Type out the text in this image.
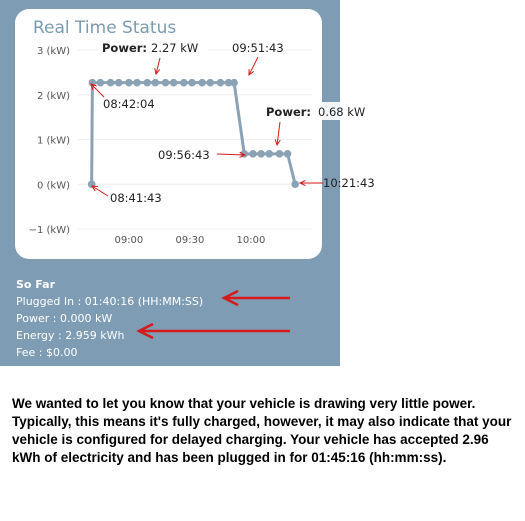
Real Time Status
3 (kW)
2 (kW)
1 (kW)
0 (kW)
−1 (kW)
09:00	09:30	10:00
Power: 2.27 kW	09:51:43
08:42:04
Power: 0.68 kW
09:56:43
08:41:43
10:21:43
So Far
Plugged In : 01:40:16 (HH:MM:SS)
Power : 0.000 kW
Energy : 2.959 kWh
Fee : $0.00
We wanted to let you know that your vehicle is drawing very little power. Typically, this means it's fully charged, however, it may also indicate that your vehicle is configured for delayed charging. Your vehicle has accepted 2.96 kWh of electricity and has been plugged in for 01:45:16 (hh:mm:ss).
